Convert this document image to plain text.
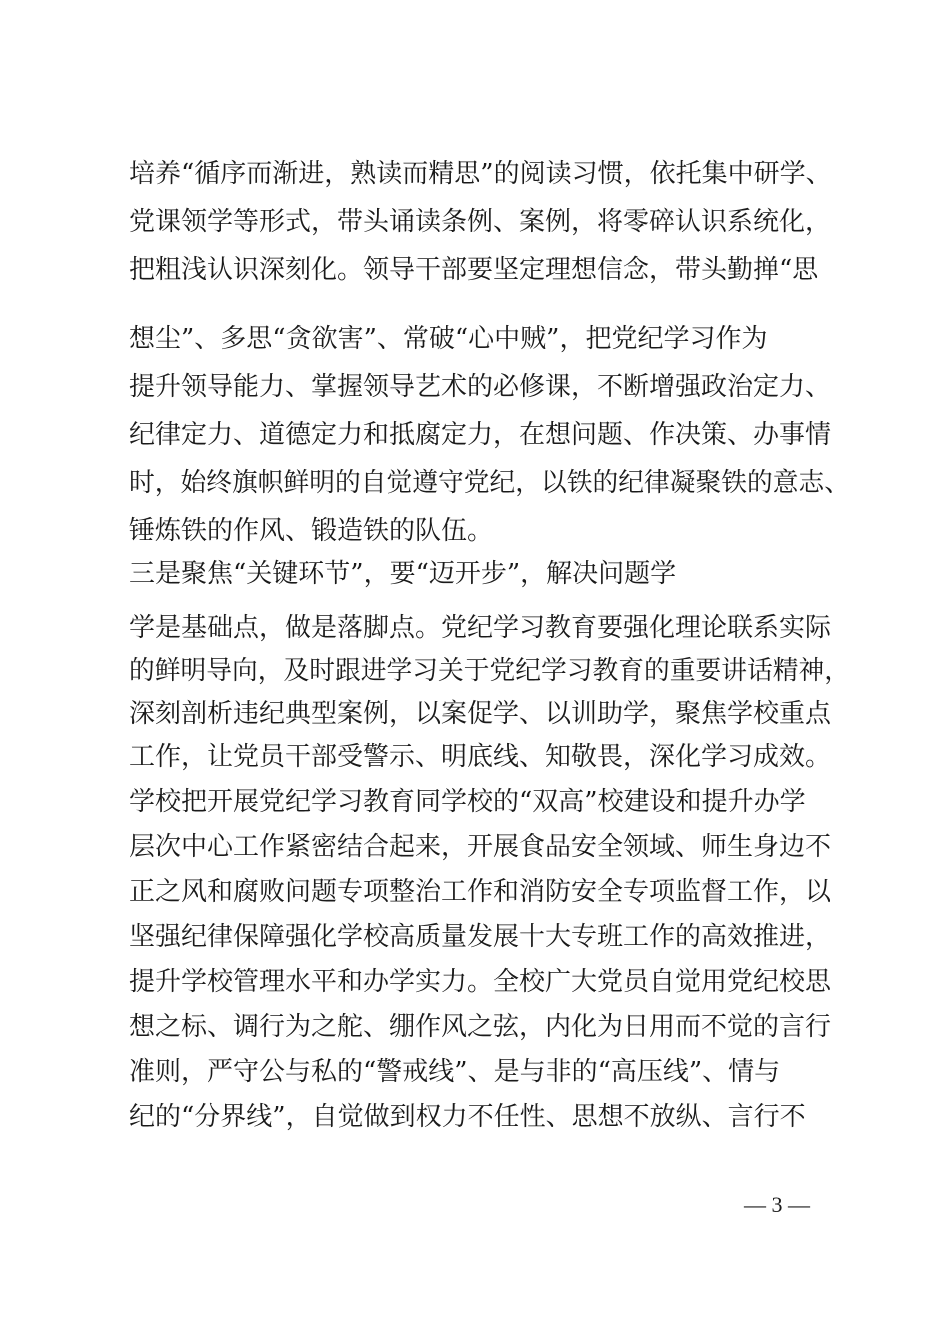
培养“循序而渐进，熟读而精思”的阅读习惯，依托集中研学、
党课领学等形式，带头诵读条例、案例，将零碎认识系统化，
把粗浅认识深刻化。领导干部要坚定理想信念，带头勤掸“思
想尘”、多思“贪欲害”、常破“心中贼”，把党纪学习作为
提升领导能力、掌握领导艺术的必修课，不断增强政治定力、
纪律定力、道德定力和抵腐定力，在想问题、作决策、办事情
时，始终旗帜鲜明的自觉遵守党纪，以铁的纪律凝聚铁的意志、
锤炼铁的作风、锻造铁的队伍。
三是聚焦“关键环节”，要“迈开步”，解决问题学
学是基础点，做是落脚点。党纪学习教育要强化理论联系实际
的鲜明导向，及时跟进学习关于党纪学习教育的重要讲话精神，
深刻剖析违纪典型案例，以案促学、以训助学，聚焦学校重点
工作，让党员干部受警示、明底线、知敬畏，深化学习成效。
学校把开展党纪学习教育同学校的“双高”校建设和提升办学
层次中心工作紧密结合起来，开展食品安全领域、师生身边不
正之风和腐败问题专项整治工作和消防安全专项监督工作，以
坚强纪律保障强化学校高质量发展十大专班工作的高效推进，
提升学校管理水平和办学实力。全校广大党员自觉用党纪校思
想之标、调行为之舵、绷作风之弦，内化为日用而不觉的言行
准则，严守公与私的“警戒线”、是与非的“高压线”、情与
纪的“分界线”，自觉做到权力不任性、思想不放纵、言行不
— 3 —
